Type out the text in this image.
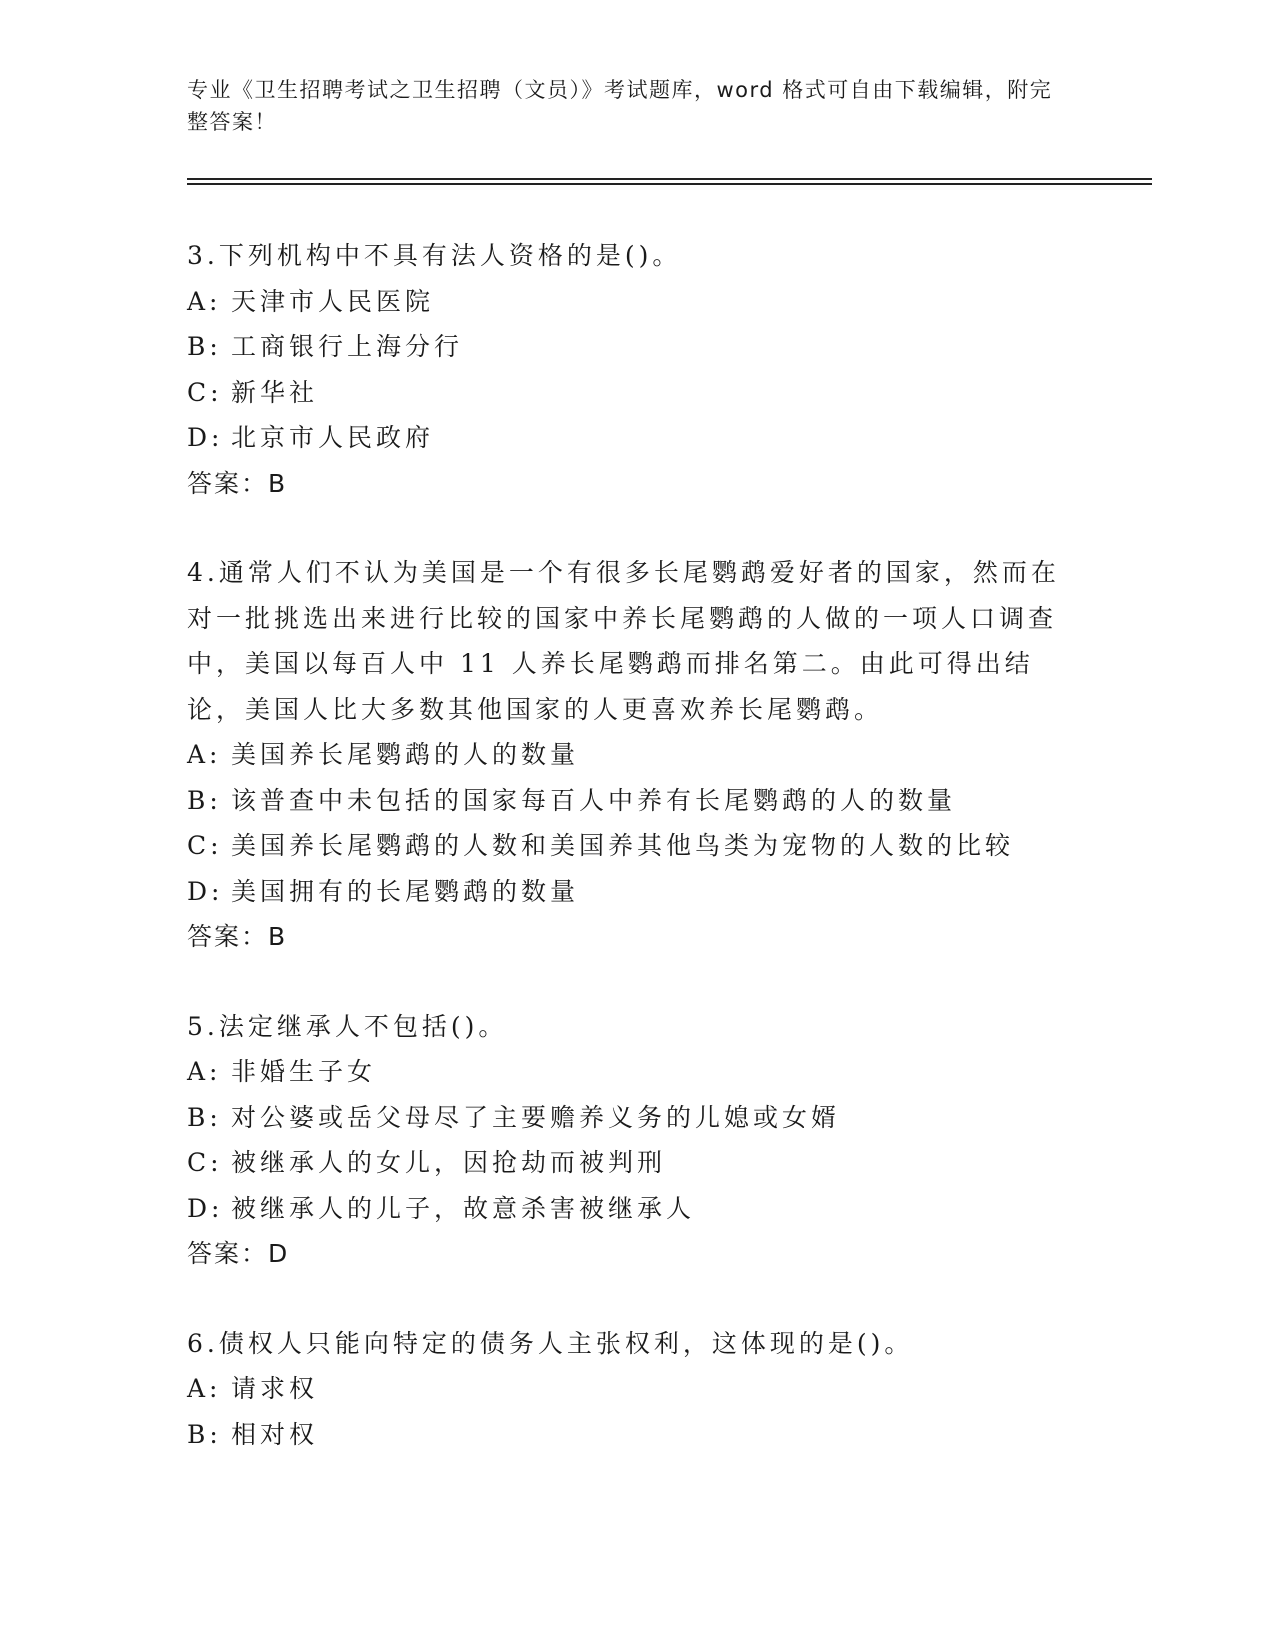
专业《卫生招聘考试之卫生招聘（文员）》考试题库，word 格式可自由下载编辑，附完整答案！
3.下列机构中不具有法人资格的是()。
A: 天津市人民医院
B: 工商银行上海分行
C: 新华社
D: 北京市人民政府
答案：B

4.通常人们不认为美国是一个有很多长尾鹦鹉爱好者的国家，然而在对一批挑选出来进行比较的国家中养长尾鹦鹉的人做的一项人口调查中，美国以每百人中 11 人养长尾鹦鹉而排名第二。由此可得出结论，美国人比大多数其他国家的人更喜欢养长尾鹦鹉。

A: 美国养长尾鹦鹉的人的数量
B: 该普查中未包括的国家每百人中养有长尾鹦鹉的人的数量
C: 美国养长尾鹦鹉的人数和美国养其他鸟类为宠物的人数的比较
D: 美国拥有的长尾鹦鹉的数量
答案：B
5.法定继承人不包括()。
A: 非婚生子女
B: 对公婆或岳父母尽了主要赡养义务的儿媳或女婿
C: 被继承人的女儿，因抢劫而被判刑
D: 被继承人的儿子，故意杀害被继承人
答案：D
6.债权人只能向特定的债务人主张权利，这体现的是()。
A: 请求权
B: 相对权
